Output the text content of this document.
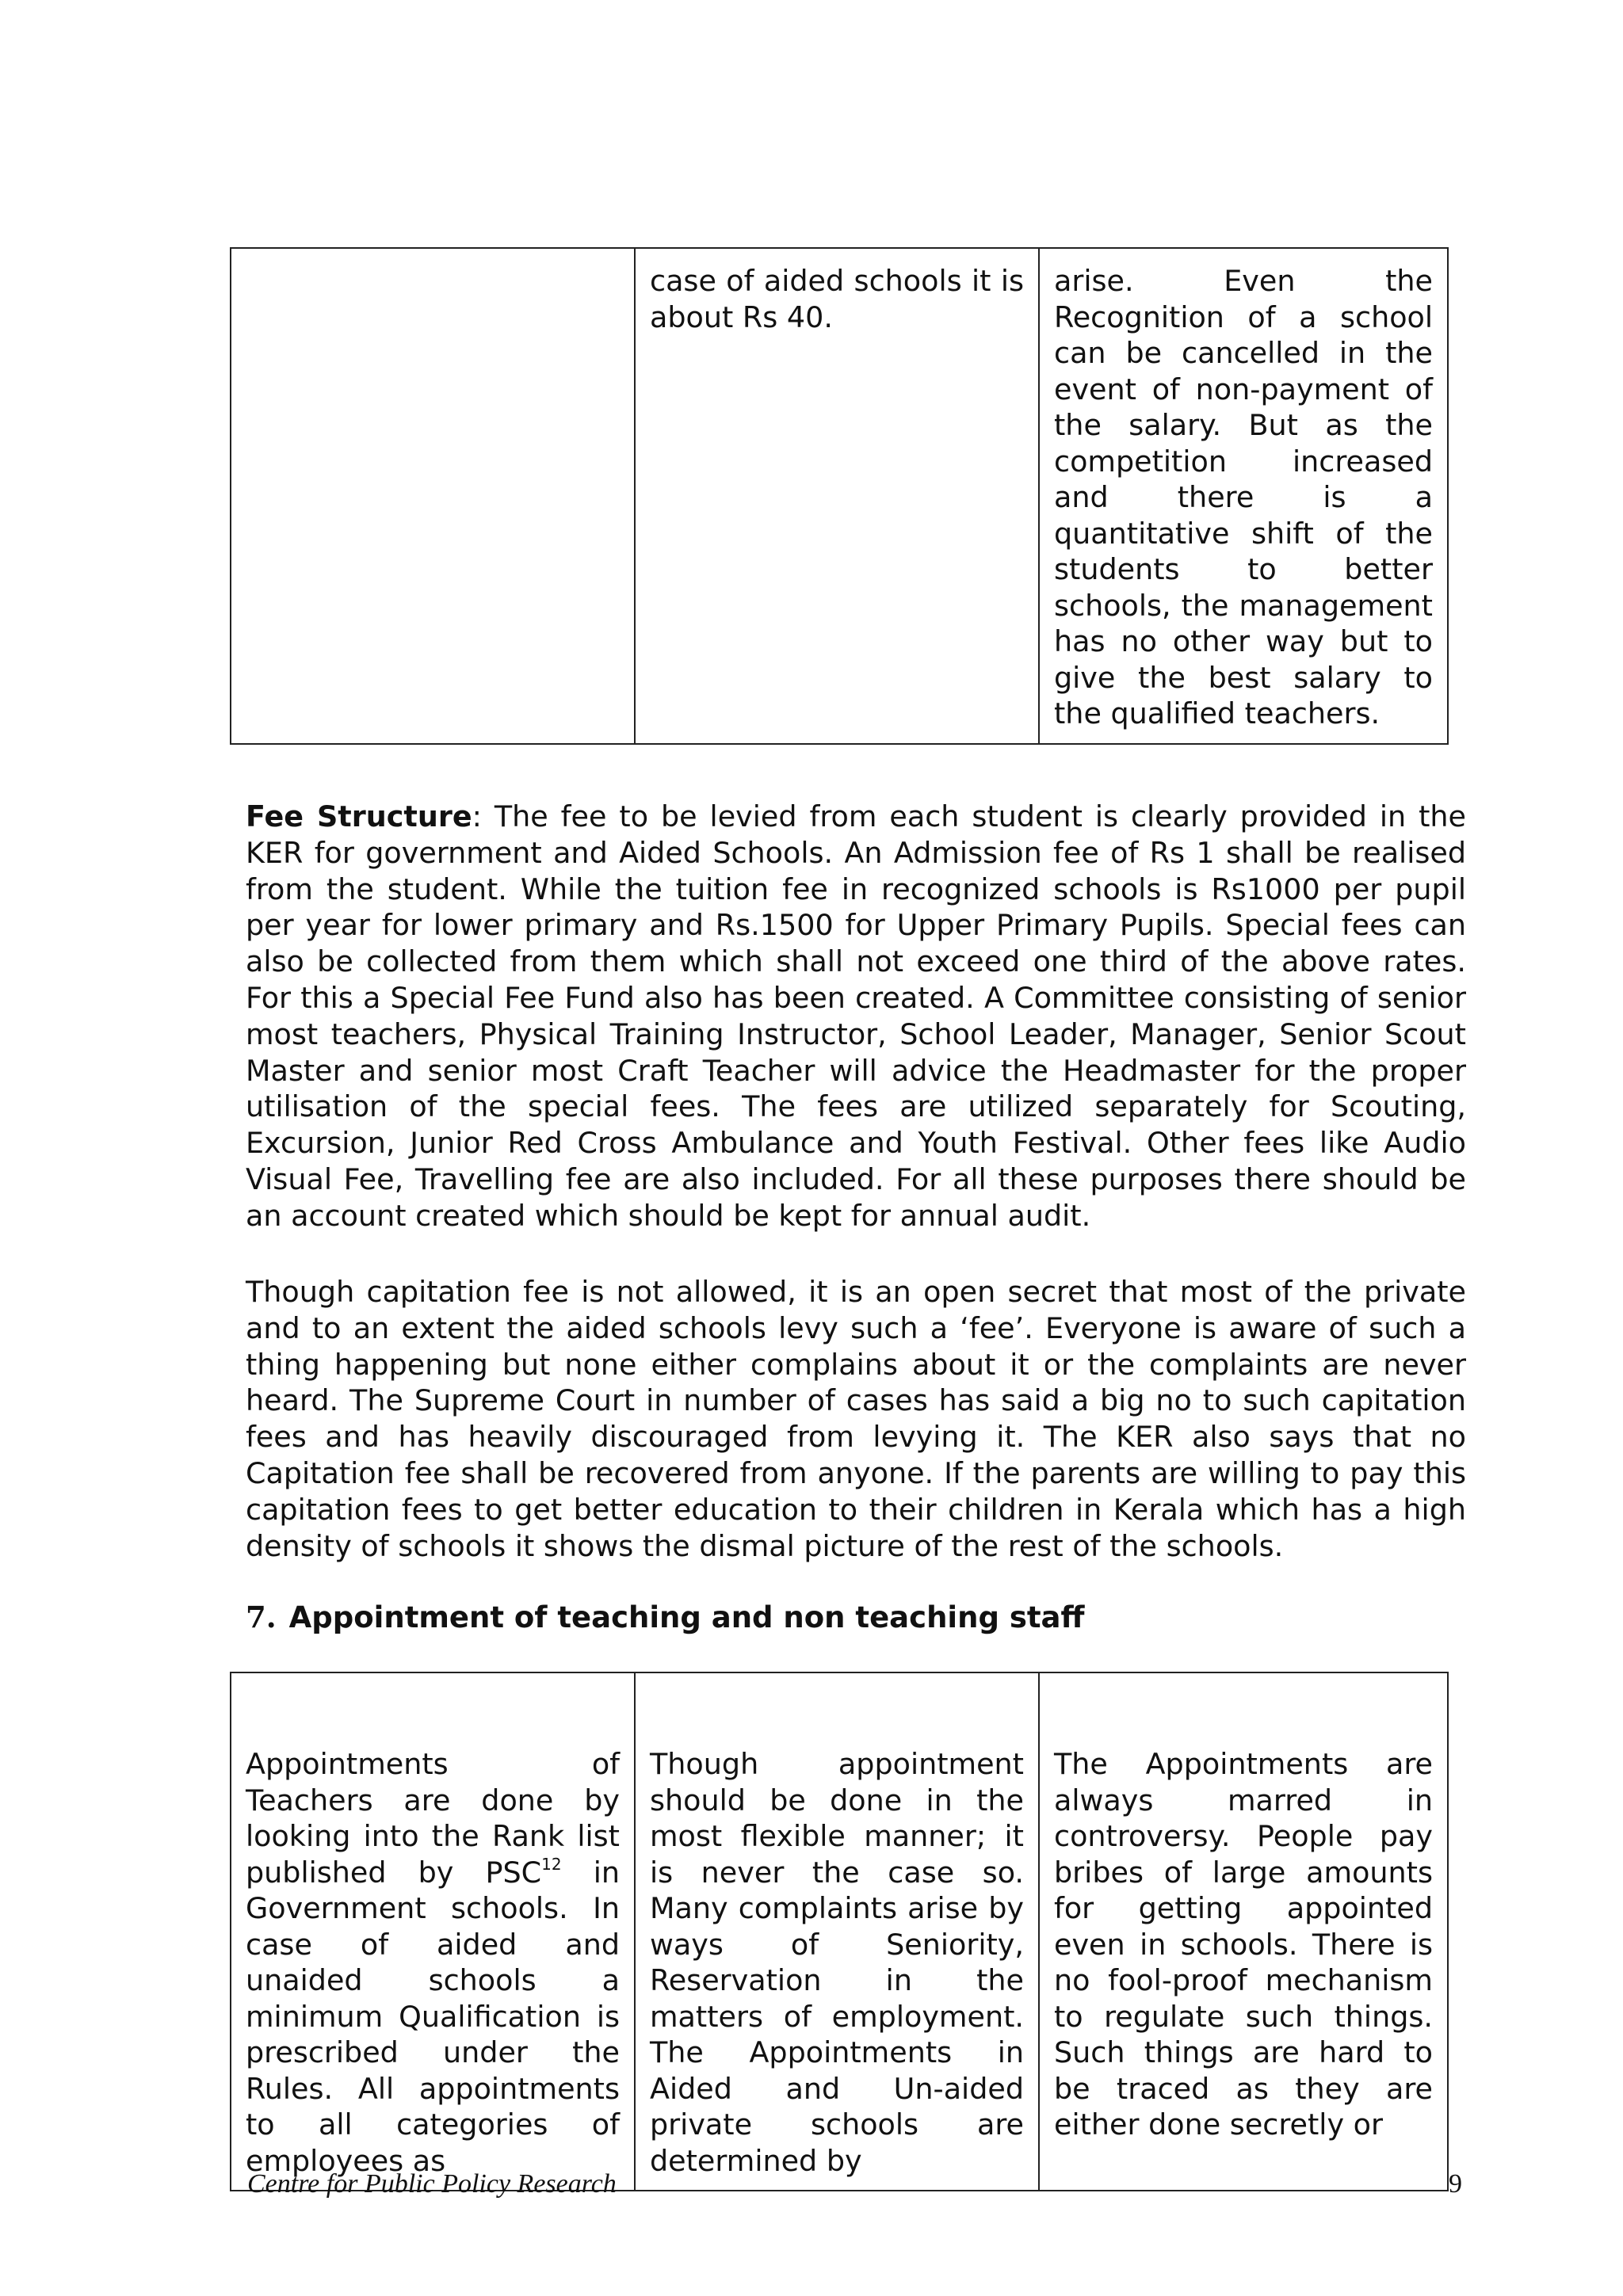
	case of aided schools it is about Rs 40.	arise. Even the Recognition of a school can be cancelled in the event of non-payment of the salary. But as the competition increased and there is a quantitative shift of the students to better schools, the management has no other way but to give the best salary to the qualified teachers.

Fee Structure: The fee to be levied from each student is clearly provided in the KER for government and Aided Schools. An Admission fee of Rs 1 shall be realised from the student. While the tuition fee in recognized schools is Rs1000 per pupil per year for lower primary and Rs.1500 for Upper Primary Pupils. Special fees can also be collected from them which shall not exceed one third of the above rates. For this a Special Fee Fund also has been created. A Committee consisting of senior most teachers, Physical Training Instructor, School Leader, Manager, Senior Scout Master and senior most Craft Teacher will advice the Headmaster for the proper utilisation of the special fees. The fees are utilized separately for Scouting, Excursion, Junior Red Cross Ambulance and Youth Festival. Other fees like Audio Visual Fee, Travelling fee are also included. For all these purposes there should be an account created which should be kept for annual audit.

Though capitation fee is not allowed, it is an open secret that most of the private and to an extent the aided schools levy such a ‘fee’. Everyone is aware of such a thing happening but none either complains about it or the complaints are never heard. The Supreme Court in number of cases has said a big no to such capitation fees and has heavily discouraged from levying it. The KER also says that no Capitation fee shall be recovered from anyone. If the parents are willing to pay this capitation fees to get better education to their children in Kerala which has a high density of schools it shows the dismal picture of the rest of the schools.

7. Appointment of teaching and non teaching staff
Appointments of Teachers are done by looking into the Rank list published by PSC$^{12}$ in Government schools. In case of aided and unaided schools a minimum Qualification is prescribed under the Rules. All appointments to all categories of employees as	Though appointment should be done in the most flexible manner; it is never the case so. Many complaints arise by ways of Seniority, Reservation in the matters of employment. The Appointments in Aided and Un-aided private schools are determined by	The Appointments are always marred in controversy. People pay bribes of large amounts for getting appointed even in schools. There is no fool-proof mechanism to regulate such things. Such things are hard to be traced as they are either done secretly or
Centre for Public Policy Research	9
